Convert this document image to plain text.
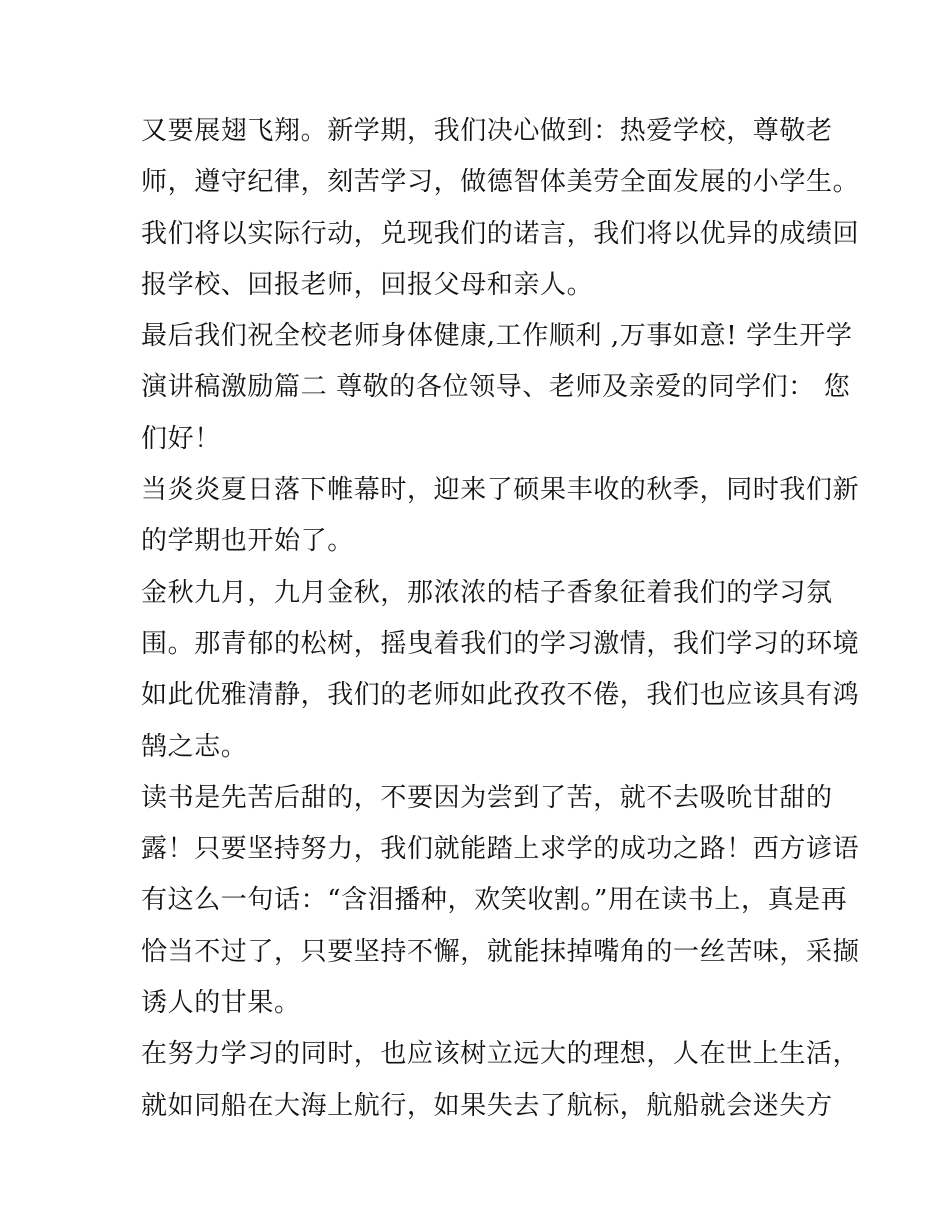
又要展翅飞翔。新学期，我们决心做到：热爱学校，尊敬老
师，遵守纪律，刻苦学习，做德智体美劳全面发展的小学生。
我们将以实际行动，兑现我们的诺言，我们将以优异的成绩回
报学校、回报老师，回报父母和亲人。
最后我们祝全校老师身体健康,工作顺利 ,万事如意! 学生开学
演讲稿激励篇二 尊敬的各位领导、老师及亲爱的同学们： 您
们好！
当炎炎夏日落下帷幕时，迎来了硕果丰收的秋季，同时我们新
的学期也开始了。
金秋九月，九月金秋，那浓浓的桔子香象征着我们的学习氛
围。那青郁的松树，摇曳着我们的学习激情，我们学习的环境
如此优雅清静，我们的老师如此孜孜不倦，我们也应该具有鸿
鹄之志。
读书是先苦后甜的，不要因为尝到了苦，就不去吸吮甘甜的
露！只要坚持努力，我们就能踏上求学的成功之路！西方谚语
有这么一句话：“含泪播种，欢笑收割。”用在读书上，真是再
恰当不过了，只要坚持不懈，就能抹掉嘴角的一丝苦味，采撷
诱人的甘果。
在努力学习的同时，也应该树立远大的理想，人在世上生活，
就如同船在大海上航行，如果失去了航标，航船就会迷失方
